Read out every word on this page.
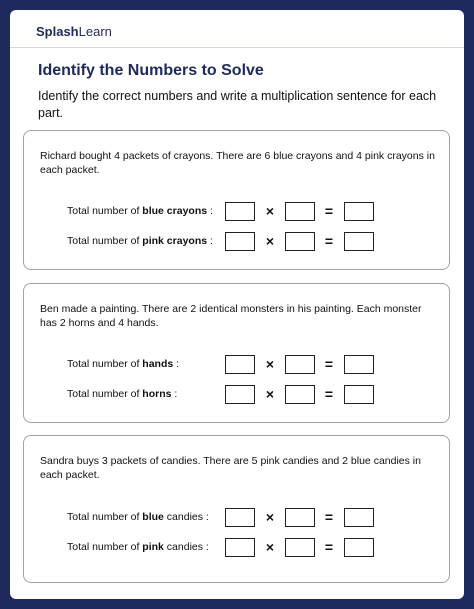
SplashLearn
Identify the Numbers to Solve
Identify the correct numbers and write a multiplication sentence for each part.
Richard bought 4 packets of crayons. There are 6 blue crayons and 4 pink crayons in each packet.
Total number of blue crayons :	×	=
Total number of pink crayons :	×	=
Ben made a painting. There are 2 identical monsters in his painting. Each monster has 2 horns and 4 hands.
Total number of hands :	×	=
Total number of horns :	×	=
Sandra buys 3 packets of candies. There are 5 pink candies and 2 blue candies in each packet.
Total number of blue candies :	×	=
Total number of pink candies :	×	=
